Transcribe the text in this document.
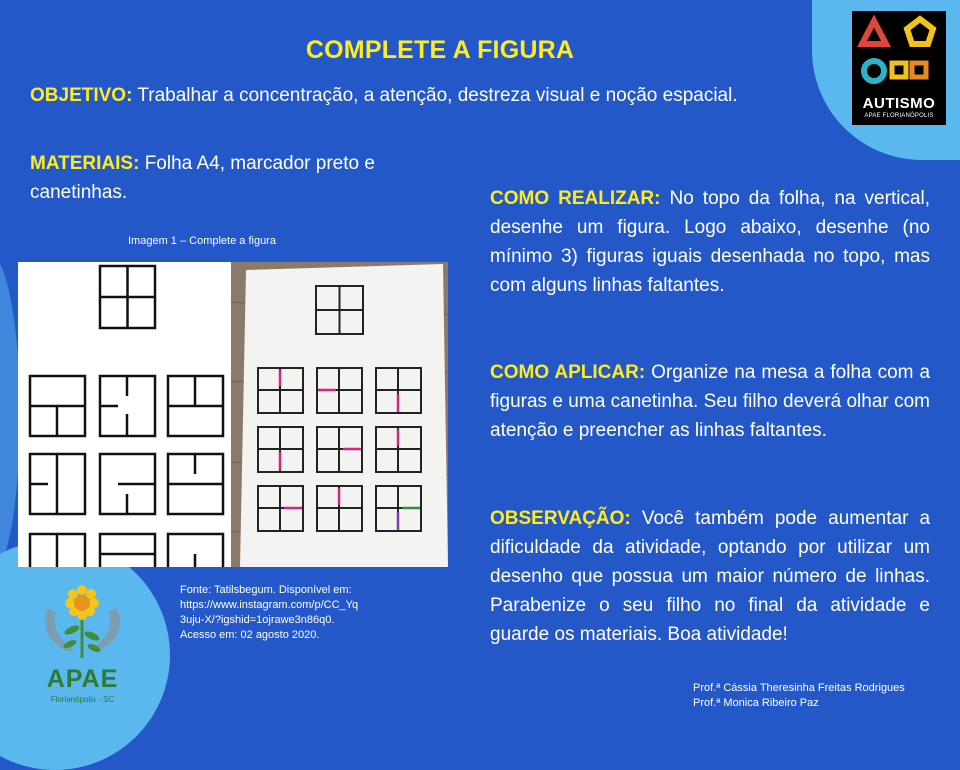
COMPLETE A FIGURA

OBJETIVO: Trabalhar a concentração, a atenção, destreza visual e noção espacial.

MATERIAIS: Folha A4, marcador preto e canetinhas.

Imagem 1 – Complete a figura
Fonte: Tatilsbegum. Disponível em:
https://www.instagram.com/p/CC_Yq
3uju-X/?igshid=1ojrawe3n86q0.
Acesso em: 02 agosto 2020.

COMO REALIZAR: No topo da folha, na vertical, desenhe um figura. Logo abaixo, desenhe (no mínimo 3) figuras iguais desenhada no topo, mas com alguns linhas faltantes.

COMO APLICAR: Organize na mesa a folha com a figuras e uma canetinha. Seu filho deverá olhar com atenção e preencher as linhas faltantes.

OBSERVAÇÃO: Você também pode aumentar a dificuldade da atividade, optando por utilizar um desenho que possua um maior número de linhas. Parabenize o seu filho no final da atividade e guarde os materiais. Boa atividade!

Prof.ª Cássia Theresinha Freitas Rodrigues
Prof.ª Monica Ribeiro Paz
AUTISMO
APAE FLORIANÓPOLIS
APAE
Florianópolis - SC
